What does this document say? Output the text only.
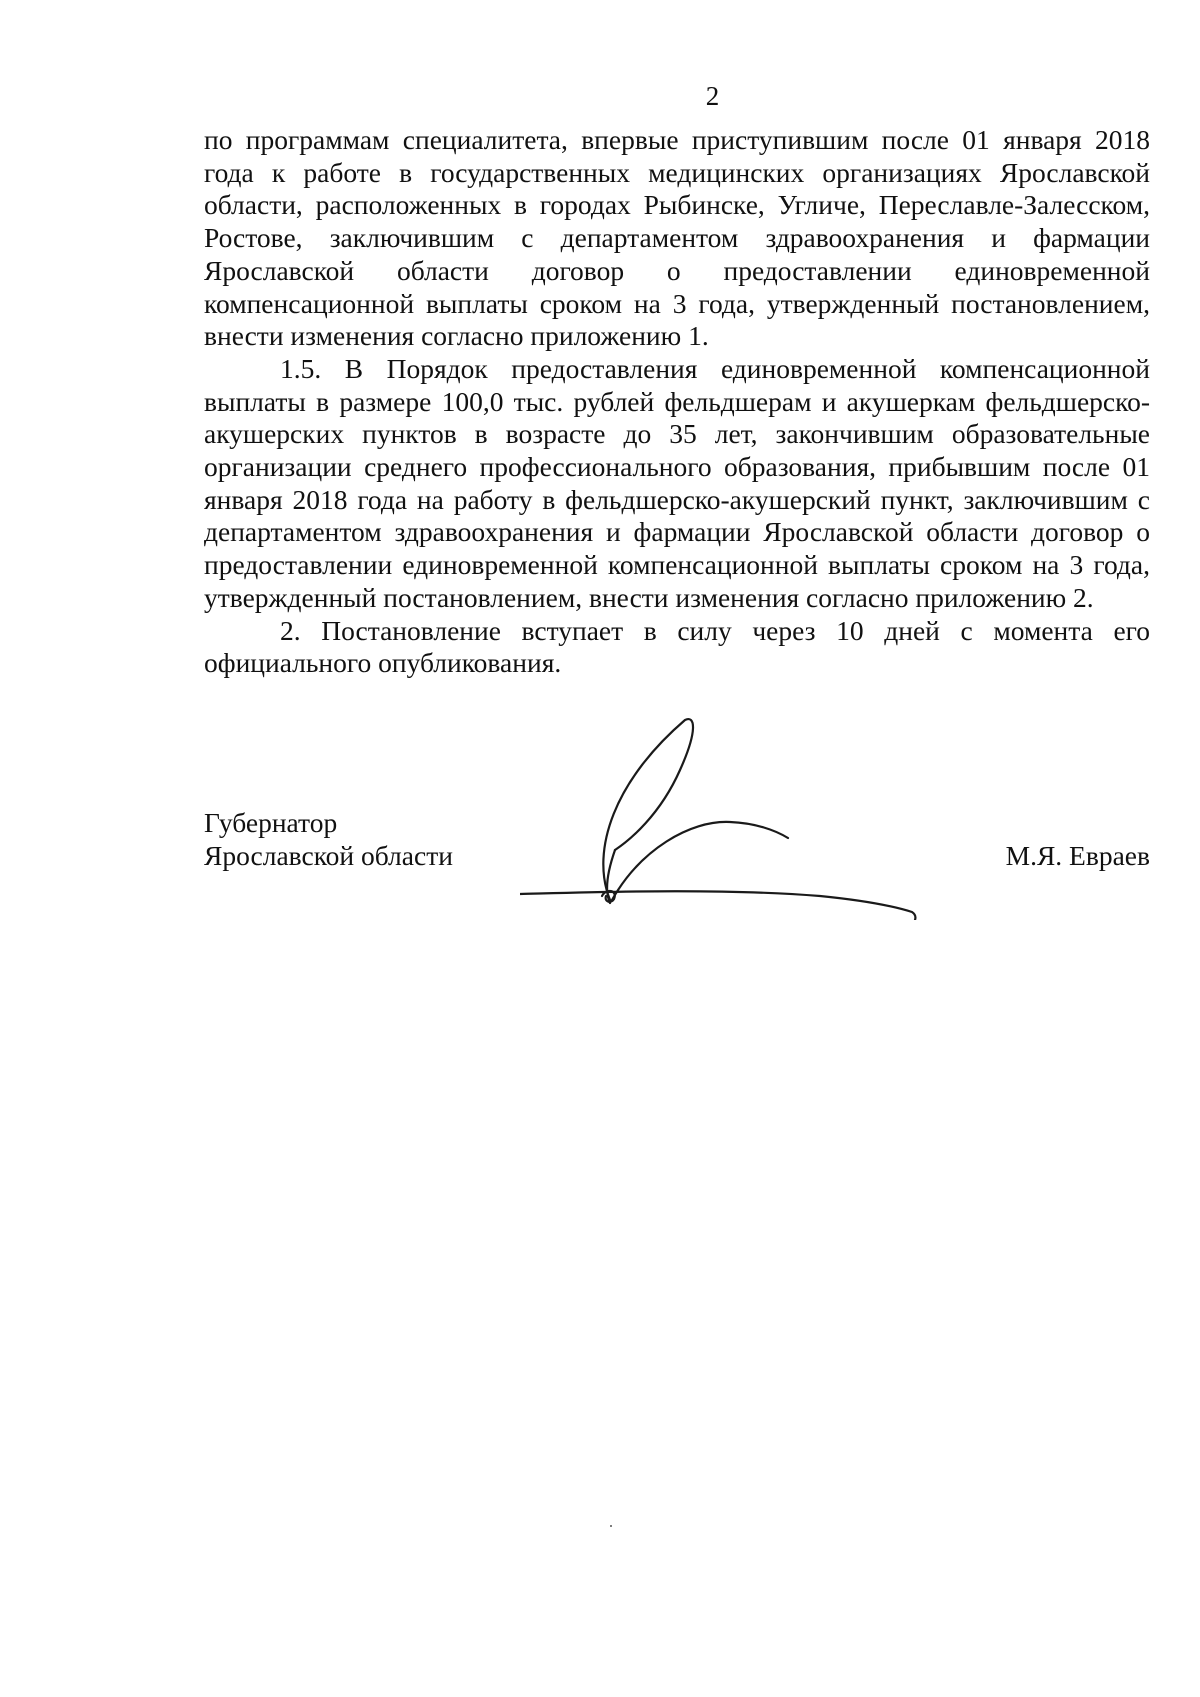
2

по программам специалитета, впервые приступившим после 01 января 2018 года к работе в государственных медицинских организациях Ярославской области, расположенных в городах Рыбинске, Угличе, Переславле-Залесском, Ростове, заключившим с департаментом здравоохранения и фармации Ярославской области договор о предоставлении единовременной компенсационной выплаты сроком на 3 года, утвержденный постановлением, внести изменения согласно приложению 1.

1.5. В Порядок предоставления единовременной компенсационной выплаты в размере 100,0 тыс. рублей фельдшерам и акушеркам фельдшерско-акушерских пунктов в возрасте до 35 лет, закончившим образовательные организации среднего профессионального образования, прибывшим после 01 января 2018 года на работу в фельдшерско-акушерский пункт, заключившим с департаментом здравоохранения и фармации Ярославской области договор о предоставлении единовременной компенсационной выплаты сроком на 3 года, утвержденный постановлением, внести изменения согласно приложению 2.

2. Постановление вступает в силу через 10 дней с момента его официального опубликования.

Губернатор
Ярославской области	М.Я. Евраев
